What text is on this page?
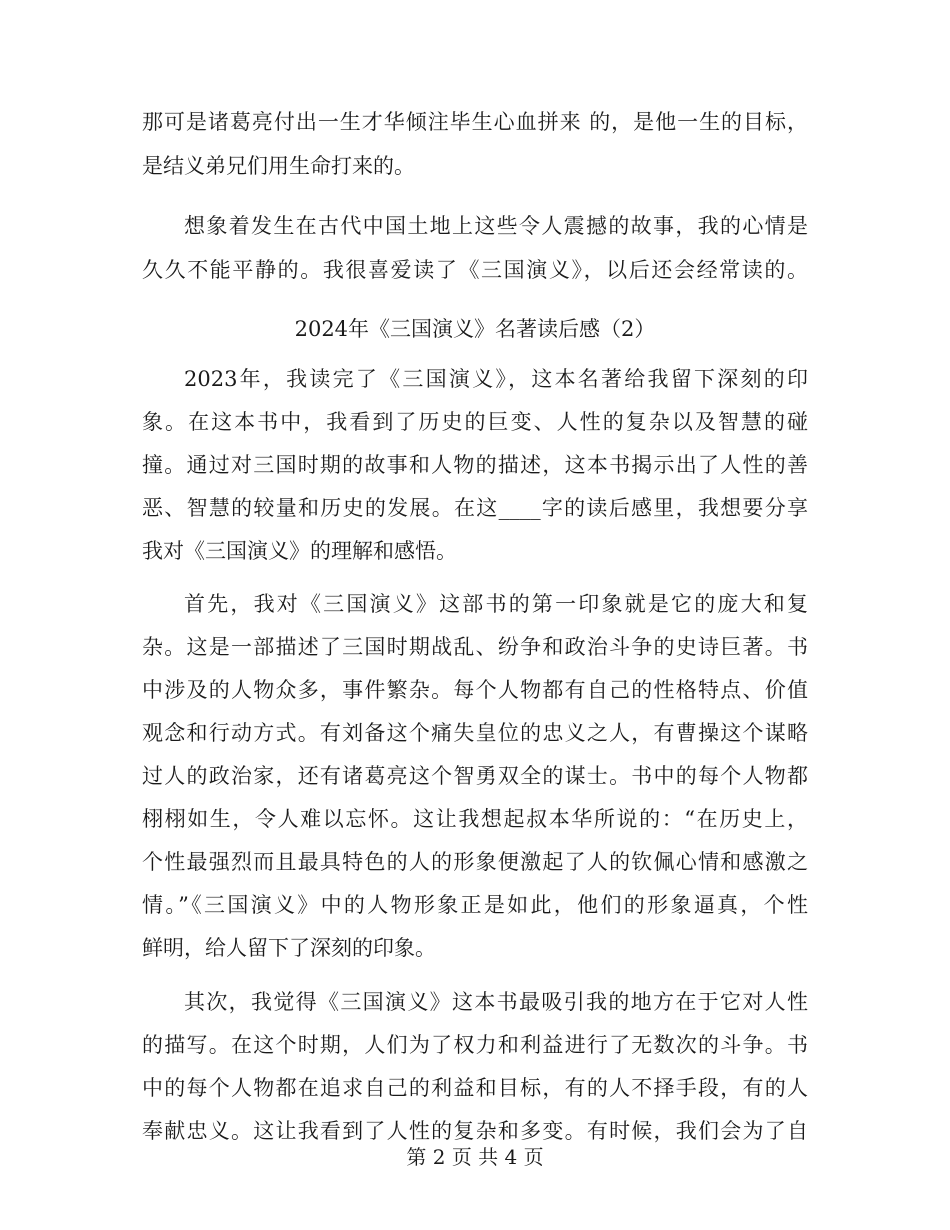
那可是诸葛亮付出一生才华倾注毕生心血拼来 的，是他一生的目标，
是结义弟兄们用生命打来的。
想象着发生在古代中国土地上这些令人震撼的故事，我的心情是
久久不能平静的。我很喜爱读了《三国演义》，以后还会经常读的。
2024年《三国演义》名著读后感（2）
2023年，我读完了《三国演义》，这本名著给我留下深刻的印
象。在这本书中，我看到了历史的巨变、人性的复杂以及智慧的碰
撞。通过对三国时期的故事和人物的描述，这本书揭示出了人性的善
恶、智慧的较量和历史的发展。在这____字的读后感里，我想要分享
我对《三国演义》的理解和感悟。
首先，我对《三国演义》这部书的第一印象就是它的庞大和复
杂。这是一部描述了三国时期战乱、纷争和政治斗争的史诗巨著。书
中涉及的人物众多，事件繁杂。每个人物都有自己的性格特点、价值
观念和行动方式。有刘备这个痛失皇位的忠义之人，有曹操这个谋略
过人的政治家，还有诸葛亮这个智勇双全的谋士。书中的每个人物都
栩栩如生，令人难以忘怀。这让我想起叔本华所说的：“在历史上，
个性最强烈而且最具特色的人的形象便激起了人的钦佩心情和感激之
情。”《三国演义》中的人物形象正是如此，他们的形象逼真，个性
鲜明，给人留下了深刻的印象。
其次，我觉得《三国演义》这本书最吸引我的地方在于它对人性
的描写。在这个时期，人们为了权力和利益进行了无数次的斗争。书
中的每个人物都在追求自己的利益和目标，有的人不择手段，有的人
奉献忠义。这让我看到了人性的复杂和多变。有时候，我们会为了自
第 2 页 共 4 页
